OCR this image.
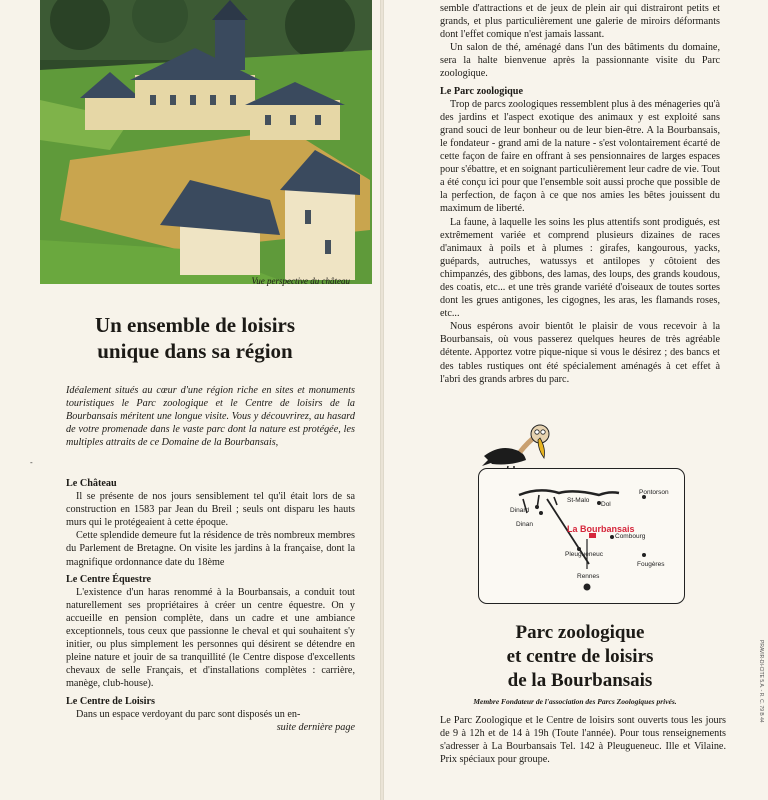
Vue perspective du château
Un ensemble de loisirs
unique dans sa région
Idéalement situés au cœur d'une région riche en sites et monuments touristiques le Parc zoologique et le Centre de loisirs de la Bourbansais méritent une longue visite. Vous y découvrirez, au hasard de votre promenade dans le vaste parc dont la nature est protégée, les multiples attraits de ce Domaine de la Bourbansais,
Le Château

Il se présente de nos jours sensiblement tel qu'il était lors de sa construction en 1583 par Jean du Breil ; seuls ont disparu les hauts murs qui le protégeaient à cette époque.

Cette splendide demeure fut la résidence de très nombreux membres du Parlement de Bretagne. On visite les jardins à la française, dont la magnifique ordonnance date du 18ème

Le Centre Équestre

L'existence d'un haras renommé à la Bourbansais, a conduit tout naturellement ses propriétaires à créer un centre équestre. On y accueille en pension complète, dans un cadre et une ambiance exceptionnels, tous ceux que passionne le cheval et qui souhaitent s'y initier, ou plus simplement les personnes qui désirent se détendre en pleine nature et jouir de sa tranquillité (le Centre dispose d'excellents chevaux de selle Français, et d'installations complètes : carrière, manège, club-house).

Le Centre de Loisirs

Dans un espace verdoyant du parc sont disposés un en-

suite dernière page
-

semble d'attractions et de jeux de plein air qui distrairont petits et grands, et plus particulièrement une galerie de miroirs déformants dont l'effet comique n'est jamais lassant.

Un salon de thé, aménagé dans l'un des bâtiments du domaine, sera la halte bienvenue après la passionnante visite du Parc zoologique.

Le Parc zoologique

Trop de parcs zoologiques ressemblent plus à des ménageries qu'à des jardins et l'aspect exotique des animaux y est exploité sans grand souci de leur bonheur ou de leur bien-être. A la Bourbansais, le fondateur - grand ami de la nature - s'est volontairement écarté de cette façon de faire en offrant à ses pensionnaires de larges espaces pour s'ébattre, et en soignant particulièrement leur cadre de vie. Tout a été conçu ici pour que l'ensemble soit aussi proche que possible de la perfection, de façon à ce que nos amies les bêtes jouissent du maximum de liberté.

La faune, à laquelle les soins les plus attentifs sont prodigués, est extrêmement variée et comprend plusieurs dizaines de races d'animaux à poils et à plumes : girafes, kangourous, yacks, guépards, autruches, watussys et antilopes y côtoient des chimpanzés, des gibbons, des lamas, des loups, des grands koudous, des coatis, etc... et une très grande variété d'oiseaux de toutes sortes dont les grues antigones, les cigognes, les aras, les flamands roses, etc...

Nous espérons avoir bientôt le plaisir de vous recevoir à la Bourbansais, où vous passerez quelques heures de très agréable détente. Apportez votre pique-nique si vous le désirez ; des bancs et des tables rustiques ont été spécialement aménagés à cet effet à l'abri des grands arbres du parc.

St-Malo
Dinard
Dol
Pontorson
Dinan	La Bourbansais
Combourg
Pleugueneuc
Fougères
Rennes
Parc zoologique
et centre de loisirs
de la Bourbansais
Membre Fondateur de l'association des Parcs Zoologiques privés.
Le Parc Zoologique et le Centre de loisirs sont ouverts tous les jours de 9 à 12h et de 14 à 19h (Toute l'année). Pour tous renseignements s'adresser à La Bourbansais Tel. 142 à Pleugueneuc. Ille et Vilaine. Prix spéciaux pour groupe.
PRAVIR-DI-CITE 5.A. - R. C. 79 B 44
